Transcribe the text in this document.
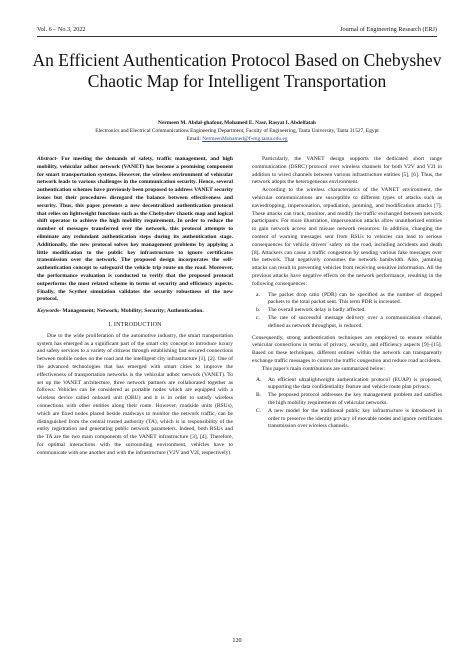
Vol. 6 – No.3, 2022	Journal of Engineering Research (ERJ)
An Efficient Authentication Protocol Based on Chebyshev Chaotic Map for Intelligent Transportation
Nermeen M. Abdal-ghafour, Mohamed E. Nasr, Rasyat I. Abdelfatah
Electronics and Electrical Communications Engineering Department, Faculty of Engineering, Tanta University, Tanta 31527, Egypt
Email: NermeenMohamed@f-eng.tanta.edu.eg

Abstract- For meeting the demands of safety, traffic management, and high mobility, vehicular adhoc network (VANET) has become a promising component for smart transportation systems. However, the wireless environment of vehicular network leads to various challenges in the communication security. Hence, several authentication schemes have previously been proposed to address VANET security issues but their procedures disregard the balance between effectiveness and security. Thus, this paper presents a new decentralized authentication protocol that relies on lightweight functions such as the Chebyshev chaotic map and logical shift operator to achieve the high mobility requirement. In order to reduce the number of messages transferred over the network, this protocol attempts to eliminate any redundant authentication steps during its authentication stage. Additionally, the new protocol solves key management problems by applying a little modification to the public key infrastructure to ignore certificates transmission over the network. The proposed design incorporates the self-authentication concept to safeguard the vehicle trip route on the road. Moreover, the performance evaluation is conducted to verify that the proposed protocol outperforms the most related scheme in terms of security and efficiency aspects. Finally, the Scyther simulation validates the security robustness of the new protocol.

Keywords- Management; Network; Mobility; Security; Authentication.

I. INTRODUCTION

Due to the wide proliferation of the automotive industry, the smart transportation system has emerged as a significant part of the smart city concept to introduce luxury and safety services to a variety of citizens through establishing fast secured connections between mobile nodes on the road and the intelligent city infrastructure [1], [2]. One of the advanced technologies that has emerged with smart cities to improve the effectiveness of transportation networks is the vehicular adhoc network (VANET). To set up the VANET architecture, three network partners are collaborated together as follows: Vehicles can be considered as portable nodes which are equipped with a wireless device called onboard unit (OBU) and it is in order to satisfy wireless connections with other entities along their route. However, roadside units (RSUs), which are fixed nodes placed beside roadways to monitor the network traffic, can be distinguished from the central trusted authority (TA), which is in responsibility of the entity registration and generating public network parameters. Indeed, both RSUs and the TA are the two main components of the VANET infrastructure [3], [4]. Therefore, for optimal interactions with the surrounding environment, vehicles have to communicate with one another and with the infrastructure (V2V and V2I, respectively).

Particularly, the VANET design supports the dedicated short range communication (DSRC) protocol over wireless channels for both V2V and V2I in addition to wired channels between various infrastructure entities [5], [6]. Thus, the network adopts the heterogeneous environment.

According to the wireless characteristics of the VANET environment, the vehicular communications are susceptible to different types of attacks such as eavesdropping, impersonation, repudiation, jamming, and modification attacks [7]. These attacks can track, monitor, and modify the traffic exchanged between network participants. For more illustration, impersonation attacks allow unauthorized entities to gain network access and misuse network resources. In addition, changing the content of warning messages sent from RSUs to vehicles can lead to serious consequences for vehicle drivers' safety on the road, including accidents and death [8]. Attackers can cause a traffic congestion by sending various fake messages over the network. That negatively consumes the network bandwidth. Also, jamming attacks can result in preventing vehicles from receiving sensitive information. All the previous attacks have negative effects on the network performance, resulting in the following consequences:

a.	The packet drop ratio (PDR) can be specified as the number of dropped packets to the total packet sent. This term PDR is increased.
b.	The overall network delay is badly affected.
c.	The rate of successful message delivery over a communication channel, defined as network throughput, is reduced.

Consequently, strong authentication techniques are employed to ensure reliable vehicular connections in terms of privacy, security, and efficiency aspects [9]–[15]. Based on these techniques, different entities within the network can transparently exchange traffic messages to control the traffic congestion and reduce road accidents.

This paper's main contributions are summarized below:

A.	An efficient ultralightweight authentication protocol (EUAP) is proposed, supporting the data confidentiality feature and vehicle route plan privacy.
B.	The proposed protocol addresses the key management problem and satisfies the high mobility requirements of vehicular networks.
C.	A new model for the traditional public key infrastructure is introduced in order to preserve the identity privacy of movable nodes and ignore certificates transmission over wireless channels.
120
